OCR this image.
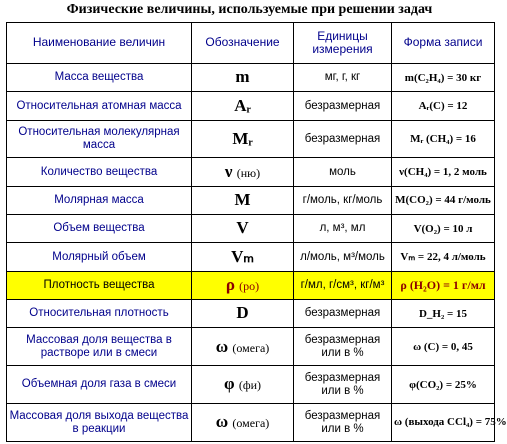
Физические величины, используемые при решении задач
Наименование величин	Обозначение	Единицы измерения	Форма записи
Масса вещества	m	мг, г, кг	m(C₂H₄) = 30 кг
Относительная атомная масса	Aᵣ	безразмерная	Aᵣ(C) = 12
Относительная молекулярная масса	Mᵣ	безразмерная	Mᵣ (CH₄) = 16
Количество вещества	ν (ню)	моль	ν(CH₄) = 1, 2 моль
Молярная масса	M	г/моль, кг/моль	M(CO₂) = 44 г/моль
Объем вещества	V	л, м³, мл	V(O₂) = 10 л
Молярный объем	Vₘ	л/моль, м³/моль	Vₘ = 22, 4 л/моль
Плотность вещества	ρ (ро)	г/мл, г/см³, кг/м³	ρ (H₂O) = 1 г/мл
Относительная плотность	D	безразмерная	D_H₂ = 15
Массовая доля вещества в растворе или в смеси	ω (омега)	безразмерная или в %	ω (C) = 0, 45
Объемная доля газа в смеси	φ (фи)	безразмерная или в %	φ(CO₂) = 25%
Массовая доля выхода вещества в реакции	ω (омега)	безразмерная или в %	ω (выхода CCl₄) = 75%
